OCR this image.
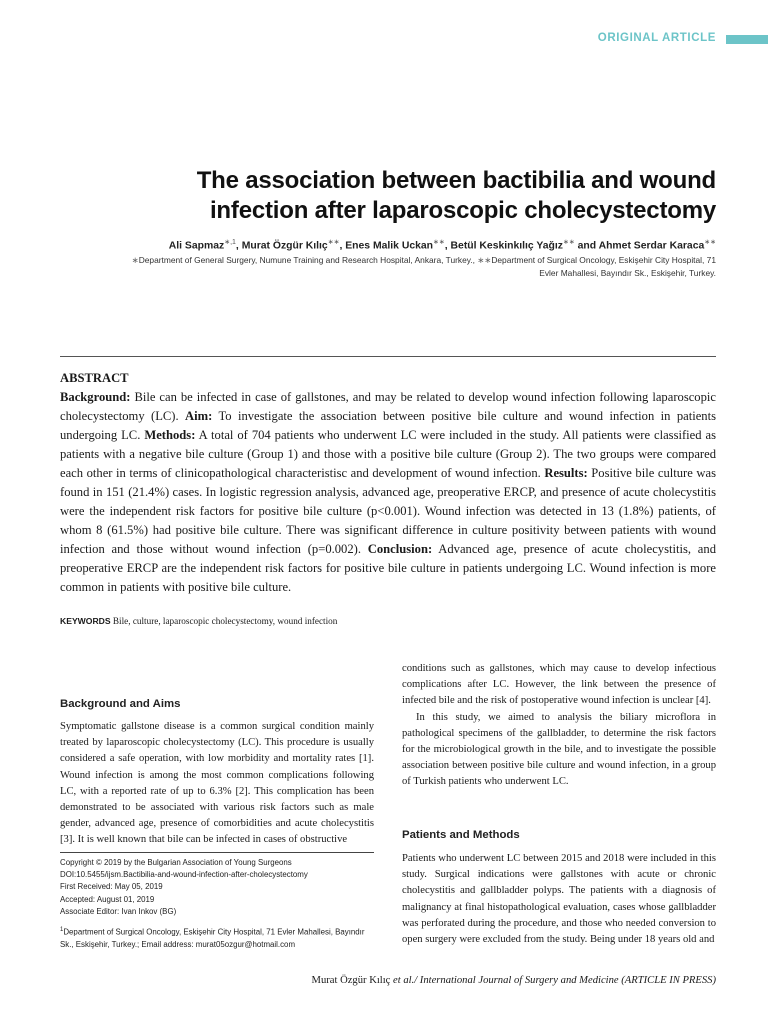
ORIGINAL ARTICLE
The association between bactibilia and wound
infection after laparoscopic cholecystectomy
Ali Sapmaz$^{∗,1}$, Murat Özgür Kılıç∗∗, Enes Malik Uckan∗∗, Betül Keskinkılıç Yağız∗∗ and Ahmet Serdar Karaca∗∗
∗Department of General Surgery, Numune Training and Research Hospital, Ankara, Turkey., ∗∗Department of Surgical Oncology, Eskişehir City Hospital, 71
Evler Mahallesi, Bayındır Sk., Eskişehir, Turkey.
ABSTRACT

Background: Bile can be infected in case of gallstones, and may be related to develop wound infection following laparoscopic cholecystectomy (LC). Aim: To investigate the association between positive bile culture and wound infection in patients undergoing LC. Methods: A total of 704 patients who underwent LC were included in the study. All patients were classified as patients with a negative bile culture (Group 1) and those with a positive bile culture (Group 2). The two groups were compared each other in terms of clinicopathological characteristisc and development of wound infection. Results: Positive bile culture was found in 151 (21.4%) cases. In logistic regression analysis, advanced age, preoperative ERCP, and presence of acute cholecystitis were the independent risk factors for positive bile culture (p<0.001). Wound infection was detected in 13 (1.8%) patients, of whom 8 (61.5%) had positive bile culture. There was significant difference in culture positivity between patients with wound infection and those without wound infection (p=0.002). Conclusion: Advanced age, presence of acute cholecystitis, and preoperative ERCP are the independent risk factors for positive bile culture in patients undergoing LC. Wound infection is more common in patients with positive bile culture.

KEYWORDS Bile, culture, laparoscopic cholecystectomy, wound infection
Background and Aims

Symptomatic gallstone disease is a common surgical condition mainly treated by laparoscopic cholecystectomy (LC). This procedure is usually considered a safe operation, with low morbidity and mortality rates [1]. Wound infection is among the most common complications following LC, with a reported rate of up to 6.3% [2]. This complication has been demonstrated to be associated with various risk factors such as male gender, advanced age, presence of comorbidities and acute cholecystitis [3]. It is well known that bile can be infected in cases of obstructive

Copyright © 2019 by the Bulgarian Association of Young Surgeons

DOI:10.5455/ijsm.Bactibilia-and-wound-infection-after-cholecystectomy

First Received: May 05, 2019

Accepted: August 01, 2019

Associate Editor: Ivan Inkov (BG)

$^1$Department of Surgical Oncology, Eskişehir City Hospital, 71 Evler Mahallesi, Bayındır Sk., Eskişehir, Turkey.; Email address: murat05ozgur@hotmail.com

conditions such as gallstones, which may cause to develop infectious complications after LC. However, the link between the presence of infected bile and the risk of postoperative wound infection is unclear [4].

In this study, we aimed to analysis the biliary microflora in pathological specimens of the gallbladder, to determine the risk factors for the microbiological growth in the bile, and to investigate the possible association between positive bile culture and wound infection, in a group of Turkish patients who underwent LC.

Patients and Methods

Patients who underwent LC between 2015 and 2018 were included in this study. Surgical indications were gallstones with acute or chronic cholecystitis and gallbladder polyps. The patients with a diagnosis of malignancy at final histopathological evaluation, cases whose gallbladder was perforated during the procedure, and those who needed conversion to open surgery were excluded from the study. Being under 18 years old and

Murat Özgür Kılıç et al./ International Journal of Surgery and Medicine (ARTICLE IN PRESS)
